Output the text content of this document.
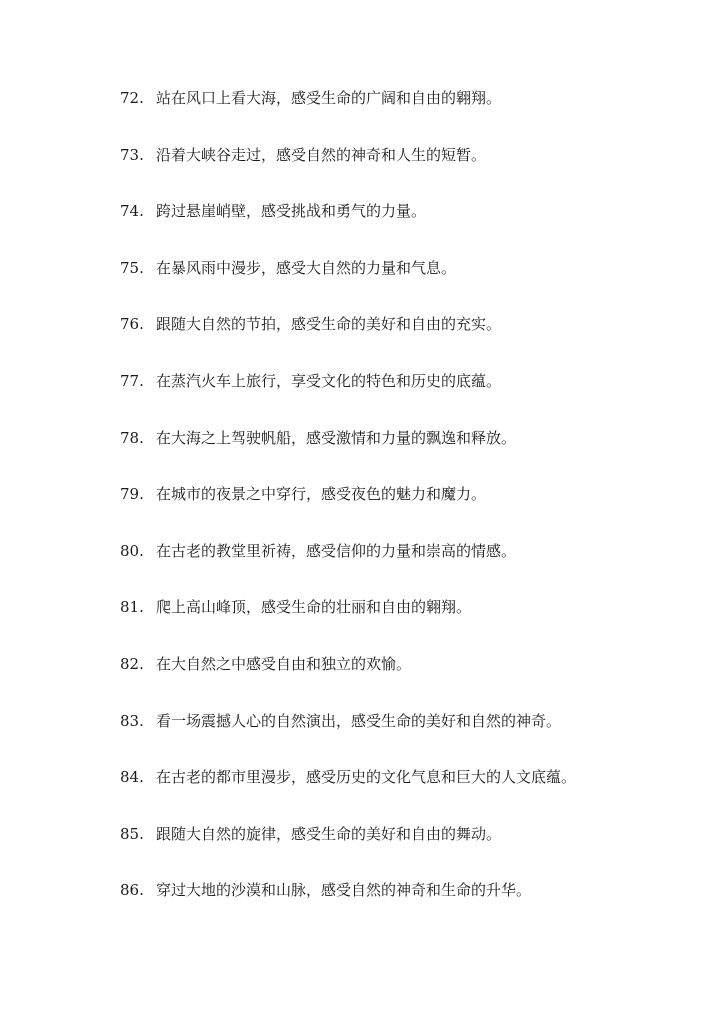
72. 站在风口上看大海，感受生命的广阔和自由的翱翔。
73. 沿着大峡谷走过，感受自然的神奇和人生的短暂。
74. 跨过悬崖峭壁，感受挑战和勇气的力量。
75. 在暴风雨中漫步，感受大自然的力量和气息。
76. 跟随大自然的节拍，感受生命的美好和自由的充实。
77. 在蒸汽火车上旅行，享受文化的特色和历史的底蕴。
78. 在大海之上驾驶帆船，感受激情和力量的飘逸和释放。
79. 在城市的夜景之中穿行，感受夜色的魅力和魔力。
80. 在古老的教堂里祈祷，感受信仰的力量和崇高的情感。
81. 爬上高山峰顶，感受生命的壮丽和自由的翱翔。
82. 在大自然之中感受自由和独立的欢愉。
83. 看一场震撼人心的自然演出，感受生命的美好和自然的神奇。
84. 在古老的都市里漫步，感受历史的文化气息和巨大的人文底蕴。
85. 跟随大自然的旋律，感受生命的美好和自由的舞动。
86. 穿过大地的沙漠和山脉，感受自然的神奇和生命的升华。
